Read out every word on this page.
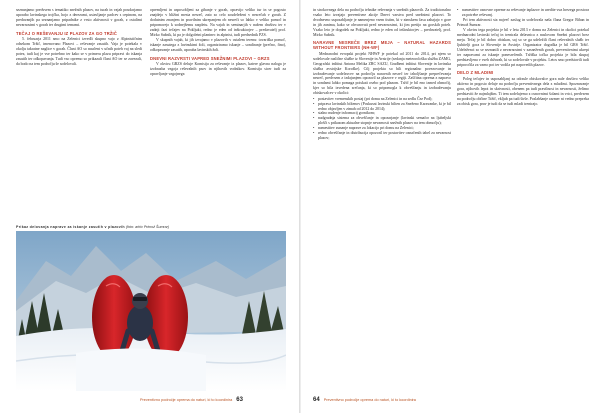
seznanjamo predvsem s tematiko snežnih plazov, na turah in vajah poudarjamo uporabo lavinskega trojčka, hojo z derezami, ustavljanje padcev s cepinom, na predavanjih pa seznanjamo pripadnike z vrsto aktivnosti v gorah, z ostalimi nevarnostmi v gorah ter drugimi temami.

TEČAJ O REŠEVANJU IZ PLAZOV ZA GO TRŽIČ

5. februarja 2011 smo na Zelenici izvedli skupno vajo z Alpinističnim odsekom Tržič, imenovano Plazovi – reševanje zasutih. Vaja je potekala v okolju takratne naglice v gorah. Člani AO so naučeni v učnih poteh vaj na sledi potez, tudi kaj je vse potrebno ter kako se v primeru plazu pripravi do iskanja zasutih ter odkopavanja. Tudi vso opremo so prikazali člani AO ter se zavezali, da bodo na tem področju še sodelovali.

opremljeni in usposobljeni za gibanje v gorah, opravijo veliko tur in se pogosto znajdejo v bližini mesta nesreč, zato so celo soudeleženi v nesrečah v gorah. Z dodatnim znanjem in pravilnim ukrepanjem ob nesreči so lahko v veliko pomoč in pripomorejo k sodnejšemu razpletu. Na vajah in seminarjih v našem društvu ter v zadnji fazi tečajev na Pokljuki, redno je eden od inštruktorjev – predavatelj prof. Mirko Sušnik, ki pa je dolgoletni planinec in alpinist, tudi predsednik PZS.

V skupnih vajah, ki jih izvajamo v plazovih v ostalem terenu: tovariška pomoč, iskanje zasutega z lavinskimi žoli, organiziramo iskanje – sondiranje (prečno, fino), odkopavanje zasutih, uporaba lavinskih žoli.

DNEVNI RAZVRSTI VAPRED SNEŽNIMI PLAZOVI – GRZS

V okviru GRZS deluje Komisija za reševanje iz plazov, katere glavna naloga je izobrazba vzgoja reševalnih psov in njihovih vodnikov. Komisija sicer tudi za opravljanje vzgojnega

Prikaz delovanja naprave za iskanje zasutih v plazovih (foto: arhiv Primož Šumrar)
Preventivno področje oprema do naturi, ki to koordinira 63

in strokovnega dela na področju tehnike reševanja v snežnih plazovih. Za tradicionalno vsako leto izvajajo preventivne akcije Dnevi varstva pred snežnimi plazovi. To dvodnevno usposabljanje je namenjeno vsem tistim, ki v zimskem času zahajajo v gore in jih zanima, kako se obvarovati pred nevarnostmi, ki jim pretijo na gorskih poteh. Vsako leto je dogodek na Pokljuki, redno je eden od inštruktorjev – predavatelj, prof. Mirko Sušnik.

NARAVNE NESREČE BREZ MEJA – NATURAL HAZARDS WITHOUT FRONTIERS (NH-WF)

Mednarodni evropski projekt NHWF je potekal od 2011 do 2014, pri njem so sodelovale različne službe iz Slovenije in Avstrije (sedanja meteorološka služba ZAMG, Geografski inštitut Antona Melika ZRC SAZU, Gradbeni inštitut Slovenije in lavinska služba avstrijske Koroške). Cilj projekta so bili regionalno povezovanje in izobraževanje sodelavcev na področju naravnih nesreč ter izboljšanje preprečevanja nesreč, predvsem z izdajanjem opozoril za plazove v regiji. Zaščitna oprema z napravo in sondami lahko pomaga poiskati osebo pod plazom. Tržič je bil eno izmed območij, kjer so bila izvedena srečanja, ki so pripomogla k obveščanju in izobraževanju obiskovalcev v okolici:

• postavitev vremenskih postaj (pri domu na Zelenici in na sedlu Čez Pod);
• priprava lavinskih biltenov (Poskusni lavinski bilten za Sneženo Karavanke, ki je bil redno objavljen v zimah od 2012 do 2014);
• stalno nudenje informacij gornikom;
• nadgradnja sistema za obveščanje in opozarjanje (lavinski semafor na ljubeljski plošči s prikazom aktualne stopnje nevarnosti snežnih plazov na tem območju);
• namestitev zunanje naprave za lokacijo pri domu na Zelenici;
• redno obveščanje in distribucija opozoril ter postavitev označenih tabel za nevarnost plazov;
• namestitev osnovne opreme za reševanje izplazov in uredite vuz hrezega prostora za potrebe reševanj.

Pri tem aktivnosti sta največ zaslug in sodelovala naša člana Gregor Bihan in Primož Šumrar.

V okviru tega projekta je bil v letu 2013 v domu na Zelenici in okolici potekal mednarodni lavinski tečaj in trenirala delavnica z naslovom Snežni plazovi brez meja. Tečaj je bil dobro obiskan, saj so se ga udeležili člani reševalnih služb ter ljubitelji gora iz Slovenije in Avstrije. Organizator dogodka je bil GRS Tržič. Udeleženci so se seznanili z nevarnostmi v zasneženih gorah, preventivnimi ukrepi ter napravami za iskanje ponesrečenih. Tržiška točka projekta je bila skupaj predstavljena v vseh državah, ki so sodelovale v projektu. Letos smo predstavili tudi priporočila za varno pot ter vodila pri napovedih plazov.

DELO Z MLADIMI

Poleg tečajev in usposabljanj za odrasle obiskovalce gora nale društvo veliko aktivno in pogosto deluje na področju preventivnega dela z mladimi. Spoznavanje gora, njihovih lepot in skrivnosti, obenem pa tudi pravilnost in nevarnosti, želimo predstaviti že najmlajšim. Ti tem sodelujemo z osnovnimi šolami in vrtci, predvsem na področju občine Tržič, vkljub pa tudi širše. Poslabšanje razmer ni vedno prepreka za obisk gora, prav je tudi da se tudi mladi trenirajo.

64 Preventivno področje oprema do naturi, ki to koordinira
